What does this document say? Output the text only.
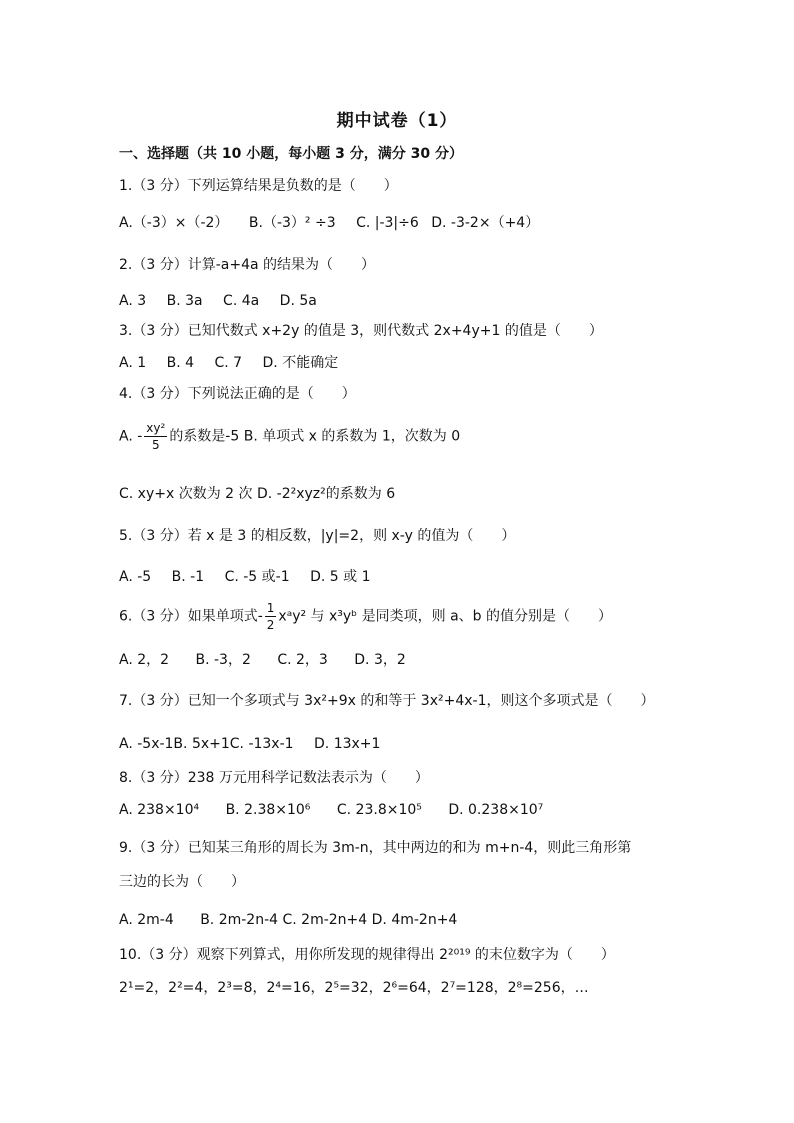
期中试卷（1）
一、选择题（共 10 小题，每小题 3 分，满分 30 分）
1.（3 分）下列运算结果是负数的是（　　）
A.（-3）×（-2） B.（-3）² ÷3 C. |-3|÷6 D. -3-2×（+4）
2.（3 分）计算-a+4a 的结果为（　　）
A. 3 B. 3a C. 4a D. 5a
3.（3 分）已知代数式 x+2y 的值是 3，则代数式 2x+4y+1 的值是（　　）
A. 1 B. 4 C. 7 D. 不能确定
4.（3 分）下列说法正确的是（　　）
A. - $\frac{\text{xy²}}{5}$ 的系数是-5 B. 单项式 x 的系数为 1，次数为 0
C. xy+x 次数为 2 次 D. -2²xyz²的系数为 6
5.（3 分）若 x 是 3 的相反数，|y|=2，则 x-y 的值为（　　）
A. -5 B. -1 C. -5 或-1 D. 5 或 1
6.（3 分）如果单项式- $\frac{1}{2}$ xᵃy² 与 x³yᵇ 是同类项，则 a、b 的值分别是（　　）
A. 2，2 B. -3，2 C. 2，3 D. 3，2
7.（3 分）已知一个多项式与 3x²+9x 的和等于 3x²+4x-1，则这个多项式是（　　）
A. -5x-1B. 5x+1C. -13x-1 D. 13x+1
8.（3 分）238 万元用科学记数法表示为（　　）
A. 238×10⁴ B. 2.38×10⁶ C. 23.8×10⁵ D. 0.238×10⁷
9.（3 分）已知某三角形的周长为 3m-n，其中两边的和为 m+n-4，则此三角形第
三边的长为（　　）
A. 2m-4 B. 2m-2n-4 C. 2m-2n+4 D. 4m-2n+4
10.（3 分）观察下列算式，用你所发现的规律得出 2²⁰¹⁹ 的末位数字为（　　）
2¹=2，2²=4，2³=8，2⁴=16，2⁵=32，2⁶=64，2⁷=128，2⁸=256，…
